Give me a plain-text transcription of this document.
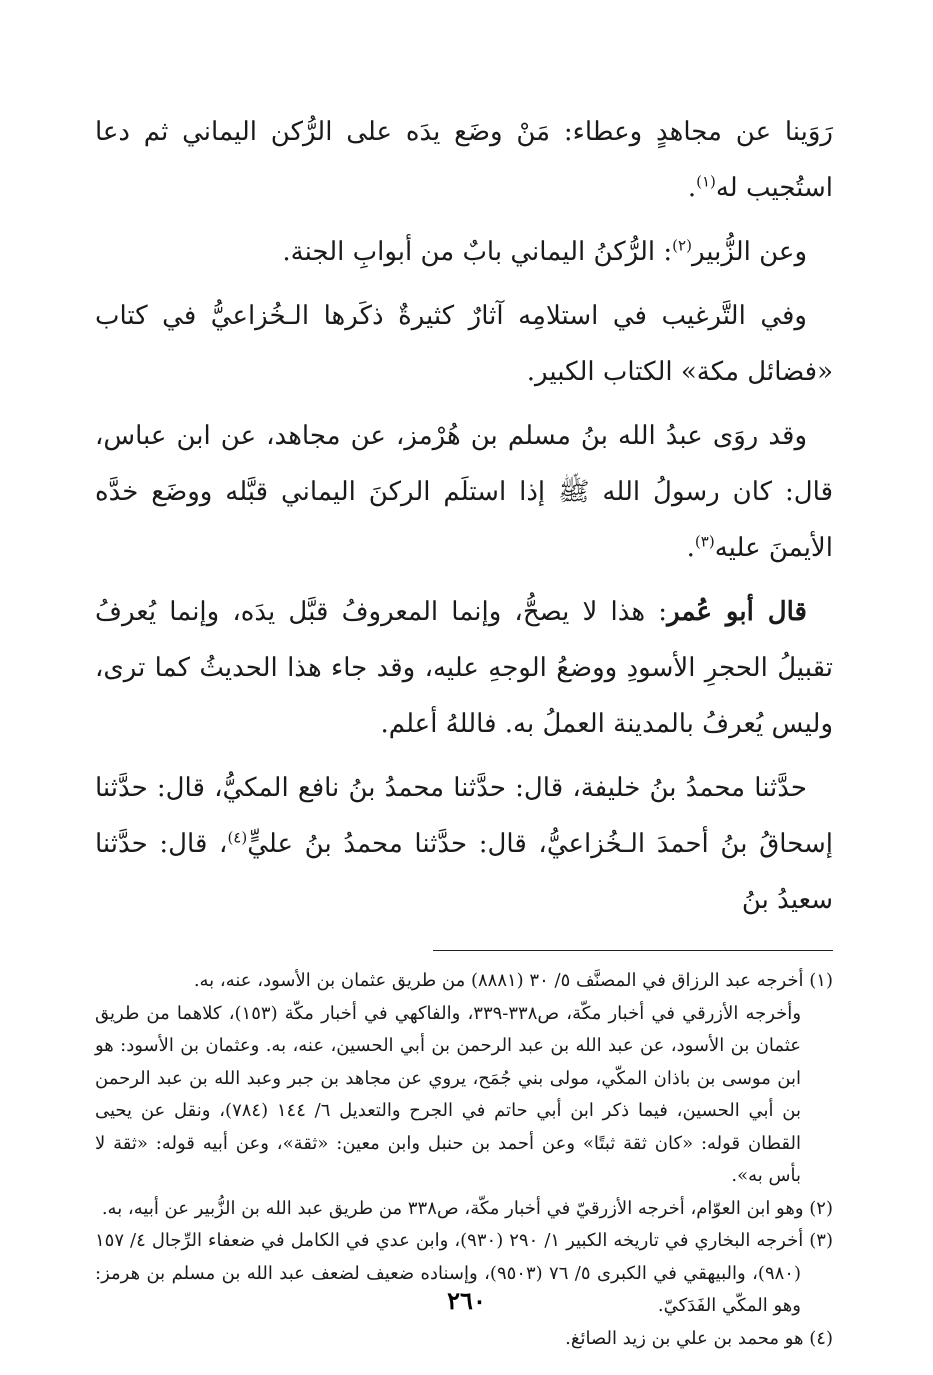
رَوَينا عن مجاهدٍ وعطاء: مَنْ وضَع يدَه على الرُّكن اليماني ثم دعا استُجيب له$^{(١)}$.

وعن الزُّبير$^{(٢)}$: الرُّكنُ اليماني بابٌ من أبوابِ الجنة.

وفي التَّرغيب في استلامِه آثارٌ كثيرةٌ ذكَرها الـخُزاعيُّ في كتاب «فضائل مكة» الكتاب الكبير.

وقد روَى عبدُ الله بنُ مسلم بن هُرْمز، عن مجاهد، عن ابن عباس، قال: كان رسولُ الله ﷺ إذا استلَم الركنَ اليماني قبَّله ووضَع خدَّه الأيمنَ عليه$^{(٣)}$.

قال أبو عُمر: هذا لا يصحُّ، وإنما المعروفُ قبَّل يدَه، وإنما يُعرفُ تقبيلُ الحجرِ الأسودِ ووضعُ الوجهِ عليه، وقد جاء هذا الحديثُ كما ترى، وليس يُعرفُ بالمدينة العملُ به. فاللهُ أعلم.

حدَّثنا محمدُ بنُ خليفة، قال: حدَّثنا محمدُ بنُ نافع المكيُّ، قال: حدَّثنا إسحاقُ بنُ أحمدَ الـخُزاعيُّ، قال: حدَّثنا محمدُ بنُ عليٍّ$^{(٤)}$، قال: حدَّثنا سعيدُ بنُ

(١) أخرجه عبد الرزاق في المصنَّف ٥/ ٣٠ (٨٨٨١) من طريق عثمان بن الأسود، عنه، به.

وأخرجه الأزرقي في أخبار مكّة، ص٣٣٨-٣٣٩، والفاكهي في أخبار مكّة (١٥٣)، كلاهما من طريق عثمان بن الأسود، عن عبد الله بن عبد الرحمن بن أبي الحسين، عنه، به. وعثمان بن الأسود: هو ابن موسى بن باذان المكّي، مولى بني جُمَح، يروي عن مجاهد بن جبر وعبد الله بن عبد الرحمن بن أبي الحسين، فيما ذكر ابن أبي حاتم في الجرح والتعديل ٦/ ١٤٤ (٧٨٤)، ونقل عن يحيى القطان قوله: «كان ثقة ثبتًا» وعن أحمد بن حنبل وابن معين: «ثقة»، وعن أبيه قوله: «ثقة لا بأس به».

(٢) وهو ابن العوّام، أخرجه الأزرقيّ في أخبار مكّة، ص٣٣٨ من طريق عبد الله بن الزُّبير عن أبيه، به.

(٣) أخرجه البخاري في تاريخه الكبير ١/ ٢٩٠ (٩٣٠)، وابن عدي في الكامل في ضعفاء الرِّجال ٤/ ١٥٧ (٩٨٠)، والبيهقي في الكبرى ٥/ ٧٦ (٩٥٠٣)، وإسناده ضعيف لضعف عبد الله بن مسلم بن هرمز: وهو المكّي الفَدَكيّ.

(٤) هو محمد بن علي بن زيد الصائغ.

٢٦٠
